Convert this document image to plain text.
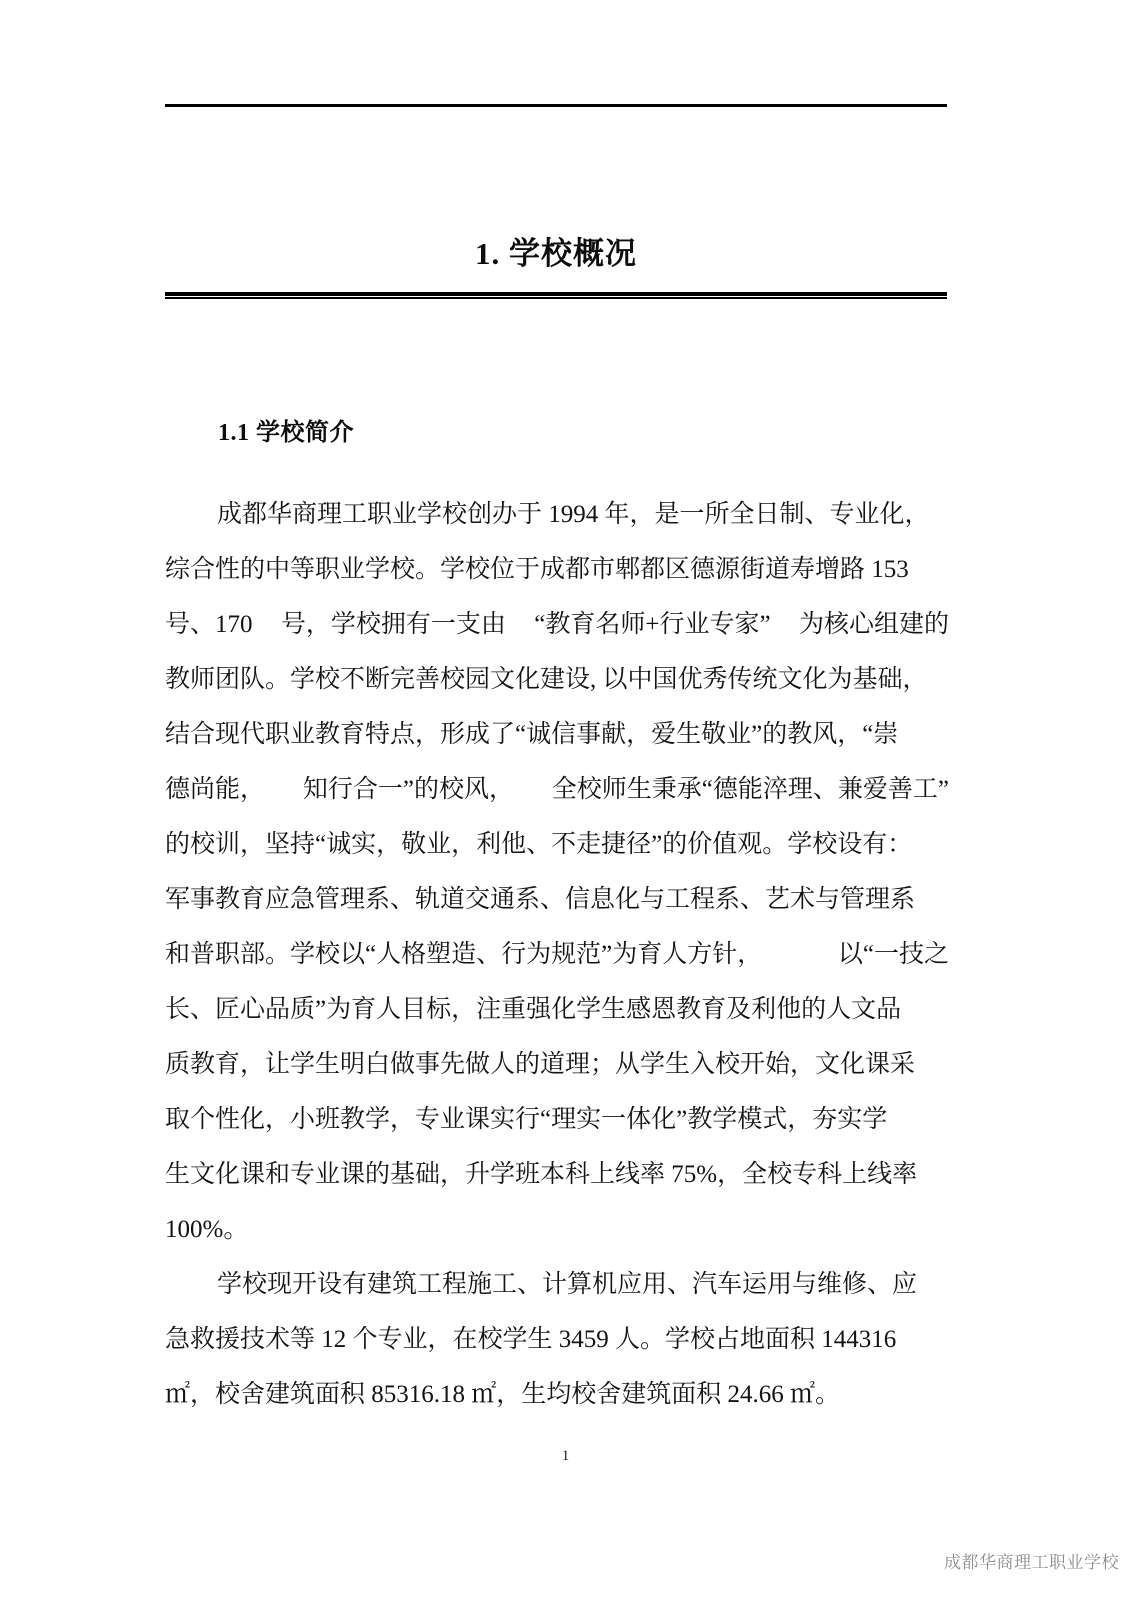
1. 学校概况
1.1 学校简介
成都华商理工职业学校创办于 1994 年，是一所全日制、专业化，
综合性的中等职业学校。学校位于成都市郫都区德源街道寿增路 153
号、170 号，学校拥有一支由 “教育名师+行业专家” 为核心组建的
教师团队。学校不断完善校园文化建设, 以中国优秀传统文化为基础，
结合现代职业教育特点，形成了“诚信事献，爱生敬业”的教风，“崇
德尚能， 知行合一”的校风， 全校师生秉承“德能淬理、兼爱善工”
的校训，坚持“诚实，敬业，利他、不走捷径”的价值观。学校设有：
军事教育应急管理系、轨道交通系、信息化与工程系、艺术与管理系
和普职部。学校以“人格塑造、行为规范”为育人方针，	以“一技之
长、匠心品质”为育人目标，注重强化学生感恩教育及利他的人文品
质教育，让学生明白做事先做人的道理；从学生入校开始，文化课采
取个性化，小班教学，专业课实行“理实一体化”教学模式，夯实学
生文化课和专业课的基础，升学班本科上线率 75%，全校专科上线率
100%。
学校现开设有建筑工程施工、计算机应用、汽车运用与维修、应
急救援技术等 12 个专业，在校学生 3459 人。学校占地面积 144316
㎡，校舍建筑面积 85316.18 ㎡，生均校舍建筑面积 24.66 ㎡。
1
成都华商理工职业学校
